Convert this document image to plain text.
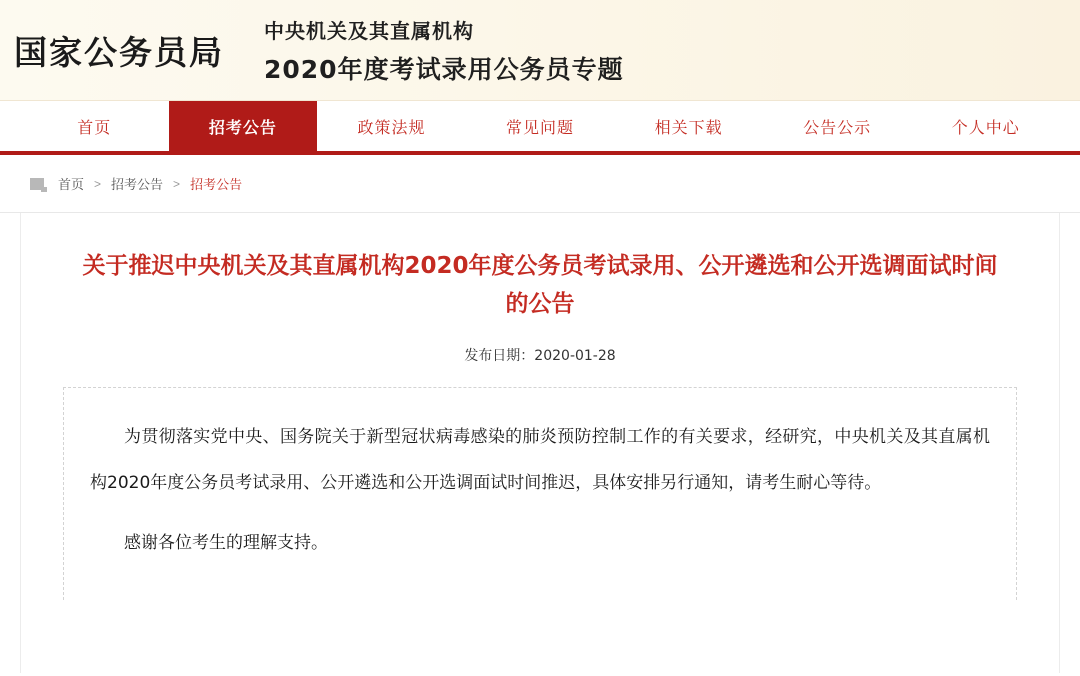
国家公务员局
中央机关及其直属机构
2020年度考试录用公务员专题
首页	招考公告	政策法规	常见问题	相关下载	公告公示	个人中心
首页 > 招考公告 > 招考公告
关于推迟中央机关及其直属机构2020年度公务员考试录用、公开遴选和公开选调面试时间的公告
发布日期：2020-01-28

为贯彻落实党中央、国务院关于新型冠状病毒感染的肺炎预防控制工作的有关要求，经研究，中央机关及其直属机构2020年度公务员考试录用、公开遴选和公开选调面试时间推迟，具体安排另行通知，请考生耐心等待。

感谢各位考生的理解支持。
